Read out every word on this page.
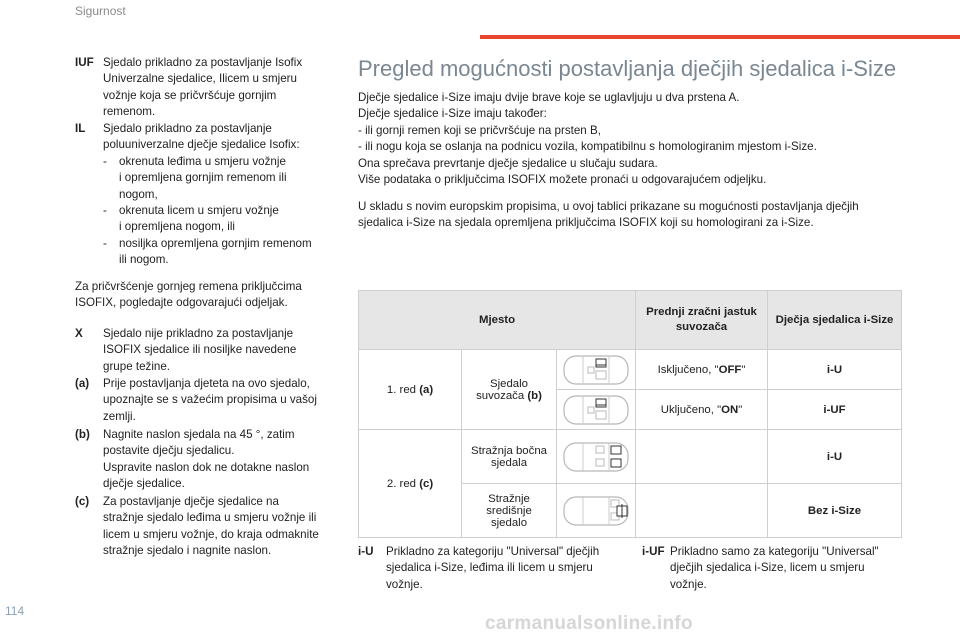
Sigurnost
IUF Sjedalo prikladno za postavljanje Isofix
Univerzalne sjedalice, Ilicem u smjeru
vožnje koja se pričvršćuje gornjim
remenom.
IL Sjedalo prikladno za postavljanje
poluuniverzalne dječje sjedalice Isofix:
- okrenuta leđima u smjeru vožnje
i opremljena gornjim remenom ili
nogom,
- okrenuta licem u smjeru vožnje
i opremljena nogom, ili
- nosiljka opremljena gornjim remenom
ili nogom.
Za pričvršćenje gornjeg remena priključcima
ISOFIX, pogledajte odgovarajući odjeljak.
X Sjedalo nije prikladno za postavljanje
ISOFIX sjedalice ili nosiljke navedene
grupe težine.
(a) Prije postavljanja djeteta na ovo sjedalo,
upoznajte se s važećim propisima u vašoj
zemlji.
(b) Nagnite naslon sjedala na 45 °, zatim
postavite dječju sjedalicu.
Uspravite naslon dok ne dotakne naslon
dječje sjedalice.
(c) Za postavljanje dječje sjedalice na
stražnje sjedalo leđima u smjeru vožnje ili
licem u smjeru vožnje, do kraja odmaknite
stražnje sjedalo i nagnite naslon.
Pregled mogućnosti postavljanja dječjih sjedalica i-Size
Dječje sjedalice i-Size imaju dvije brave koje se uglavljuju u dva prstena A.
Dječje sjedalice i-Size imaju također:
- ili gornji remen koji se pričvršćuje na prsten B,
- ili nogu koja se oslanja na podnicu vozila, kompatibilnu s homologiranim mjestom i-Size.
Ona sprečava prevrtanje dječje sjedalice u slučaju sudara.
Više podataka o priključcima ISOFIX možete pronaći u odgovarajućem odjeljku.
U skladu s novim europskim propisima, u ovoj tablici prikazane su mogućnosti postavljanja dječjih
sjedalica i-Size na sjedala opremljena priključcima ISOFIX koji su homologirani za i-Size.
Mjesto			Prednji zračni jastuk
suvozača	Dječja sjedalica i-Size
1. red (a)	Sjedalo
suvozača (b)		Isključeno, "OFF"	i-U

	Uključeno, "ON"	i-UF
2. red (c)	Stražnja bočna
sjedala			i-U

	Stražnje
središnje
sjedalo			Bez i-Size
i-U Prikladno za kategoriju "Universal" dječjih
sjedalica i-Size, leđima ili licem u smjeru
vožnje.
i-UF Prikladno samo za kategoriju "Universal"
dječjih sjedalica i-Size, licem u smjeru
vožnje.
114
carmanualsonline.info
